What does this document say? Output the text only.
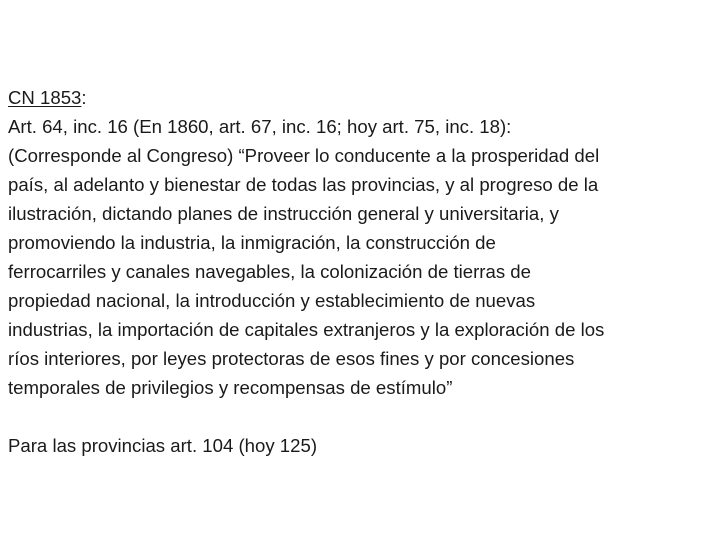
CN 1853:
Art. 64, inc. 16 (En 1860, art. 67, inc. 16; hoy art. 75, inc. 18):
(Corresponde al Congreso) “Proveer lo conducente a la prosperidad del
país, al adelanto y bienestar de todas las provincias, y al progreso de la
ilustración, dictando planes de instrucción general y universitaria, y
promoviendo la industria, la inmigración, la construcción de
ferrocarriles y canales navegables, la colonización de tierras de
propiedad nacional, la introducción y establecimiento de nuevas
industrias, la importación de capitales extranjeros y la exploración de los
ríos interiores, por leyes protectoras de esos fines y por concesiones
temporales de privilegios y recompensas de estímulo”
Para las provincias art. 104 (hoy 125)
